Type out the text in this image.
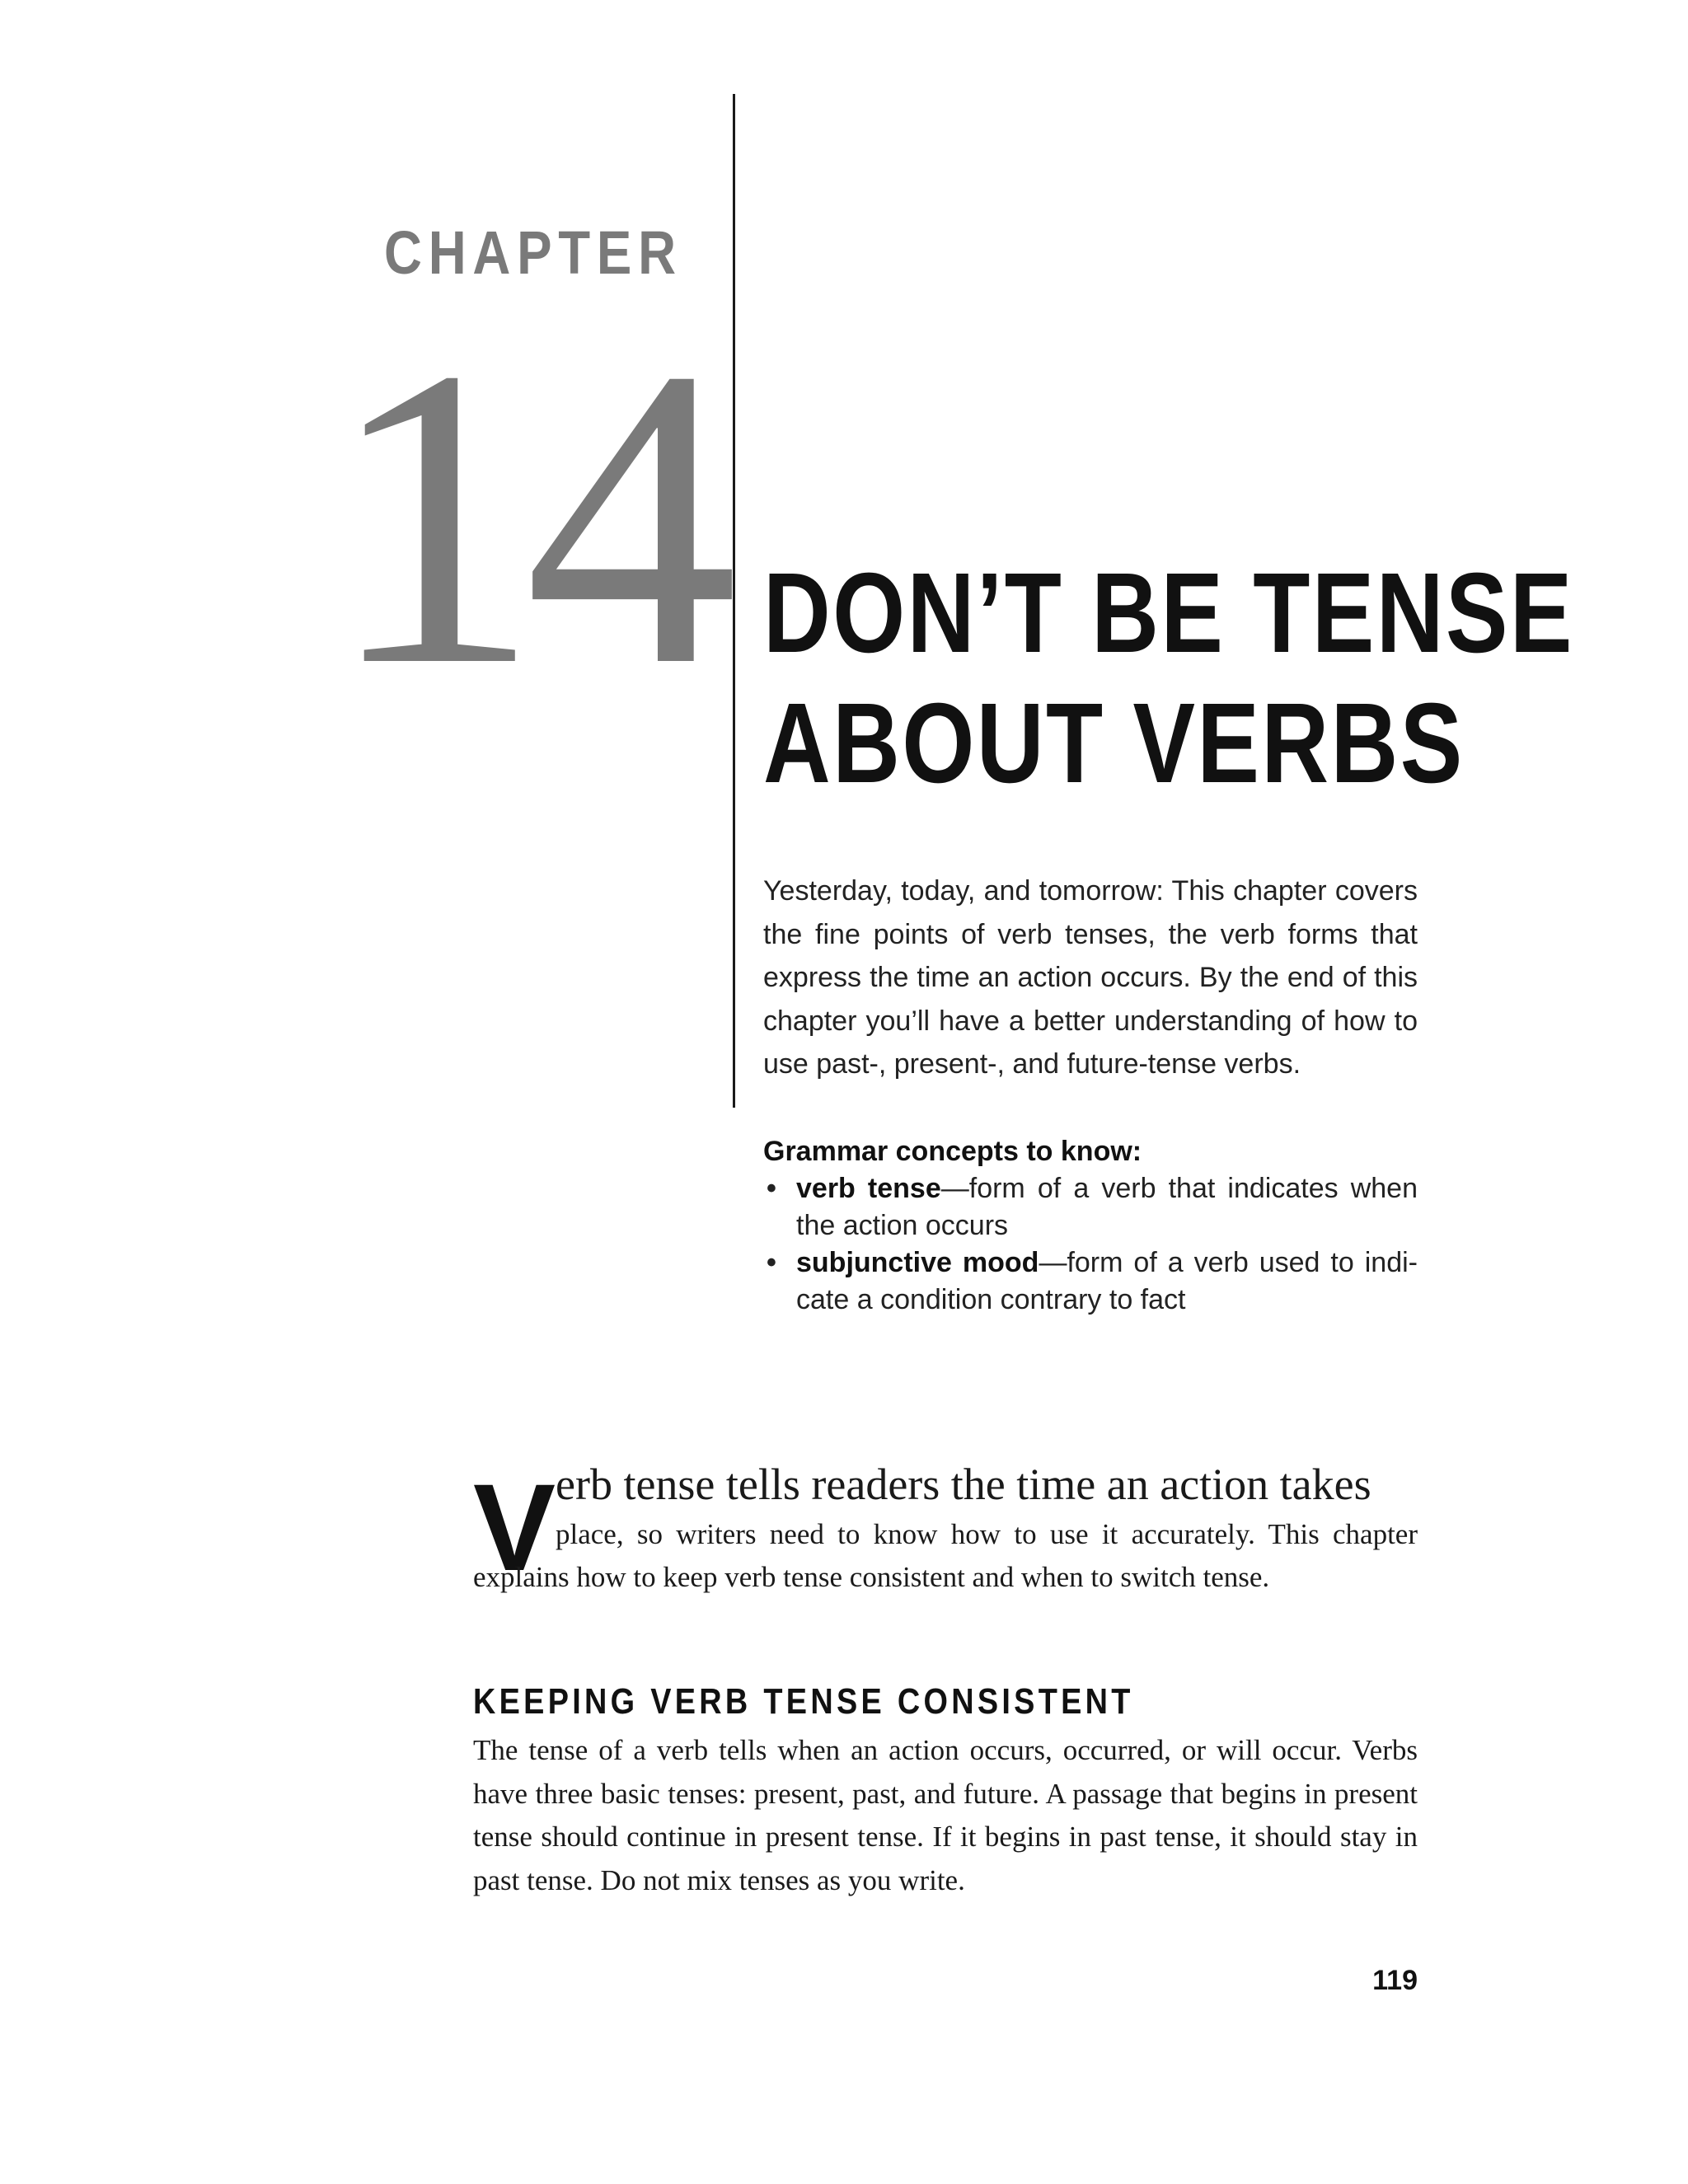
CHAPTER
14 DON’T BE TENSE
ABOUT VERBS

Yesterday, today, and tomorrow: This chapter covers the fine points of verb tenses, the verb forms that express the time an action occurs. By the end of this chapter you’ll have a better understanding of how to use past-, present-, and future-tense verbs.

Grammar concepts to know:

• verb tense—form of a verb that indicates when the action occurs
• subjunctive mood—form of a verb used to indicate a condition contrary to fact
V erb tense tells readers the time an action takes
place, so writers need to know how to use it accurately. This chapter
explains how to keep verb tense consistent and when to switch tense.
KEEPING VERB TENSE CONSISTENT

The tense of a verb tells when an action occurs, occurred, or will occur. Verbs have three basic tenses: present, past, and future. A passage that begins in present tense should continue in present tense. If it begins in past tense, it should stay in past tense. Do not mix tenses as you write.

119
